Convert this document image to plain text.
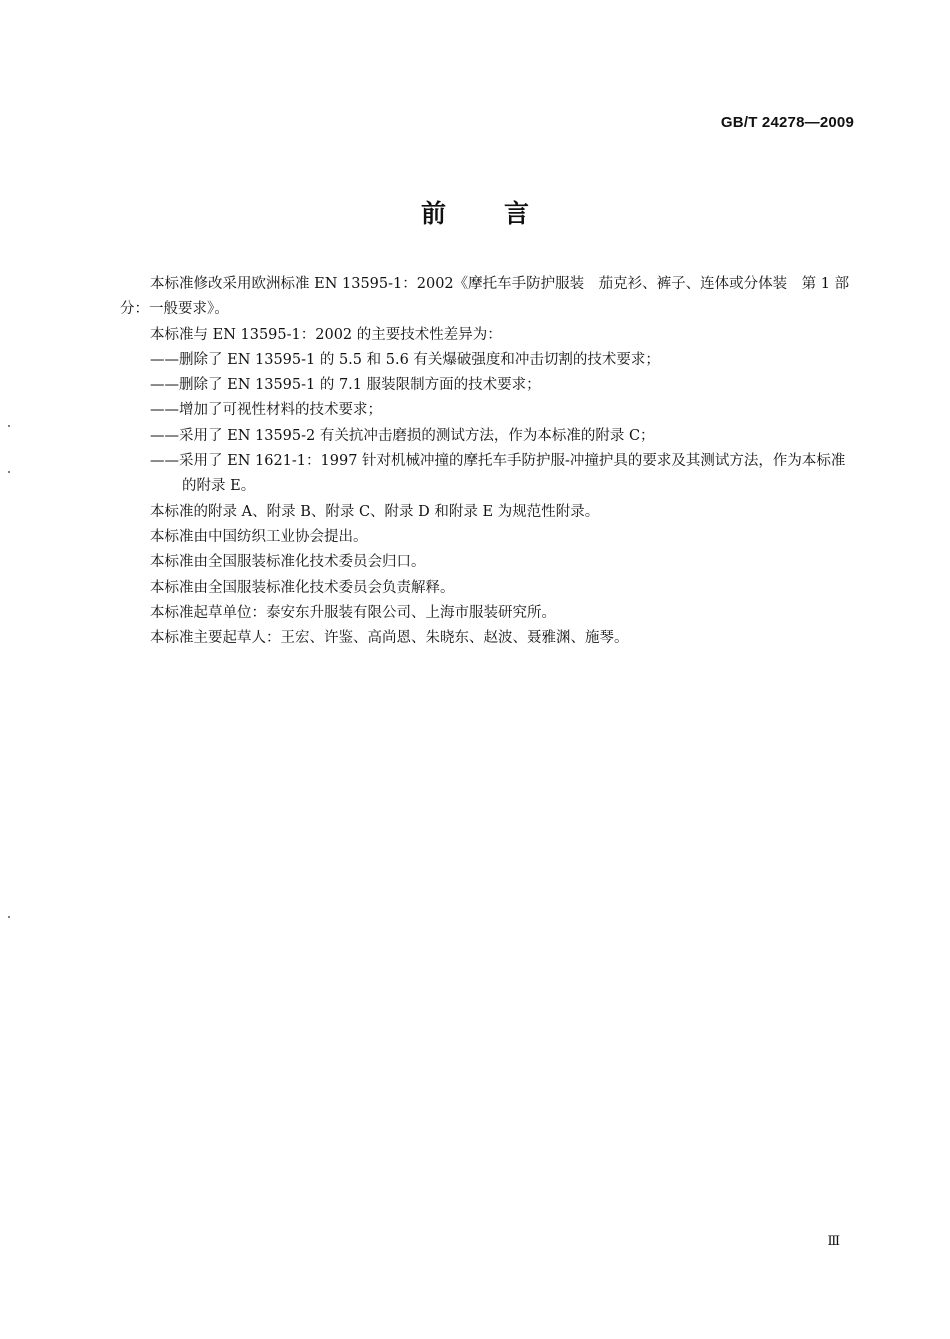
GB/T 24278—2009
前言

本标准修改采用欧洲标准 EN 13595-1：2002《摩托车手防护服装　茄克衫、裤子、连体或分体装　第 1 部分：一般要求》。

本标准与 EN 13595-1：2002 的主要技术性差异为：

——删除了 EN 13595-1 的 5.5 和 5.6 有关爆破强度和冲击切割的技术要求；

——删除了 EN 13595-1 的 7.1 服装限制方面的技术要求；

——增加了可视性材料的技术要求；

——采用了 EN 13595-2 有关抗冲击磨损的测试方法，作为本标准的附录 C；

——采用了 EN 1621-1：1997 针对机械冲撞的摩托车手防护服-冲撞护具的要求及其测试方法，作为本标准的附录 E。

本标准的附录 A、附录 B、附录 C、附录 D 和附录 E 为规范性附录。

本标准由中国纺织工业协会提出。

本标准由全国服装标准化技术委员会归口。

本标准由全国服装标准化技术委员会负责解释。

本标准起草单位：泰安东升服装有限公司、上海市服装研究所。

本标准主要起草人：王宏、许鉴、高尚恩、朱晓东、赵波、聂雅渊、施琴。

Ⅲ
